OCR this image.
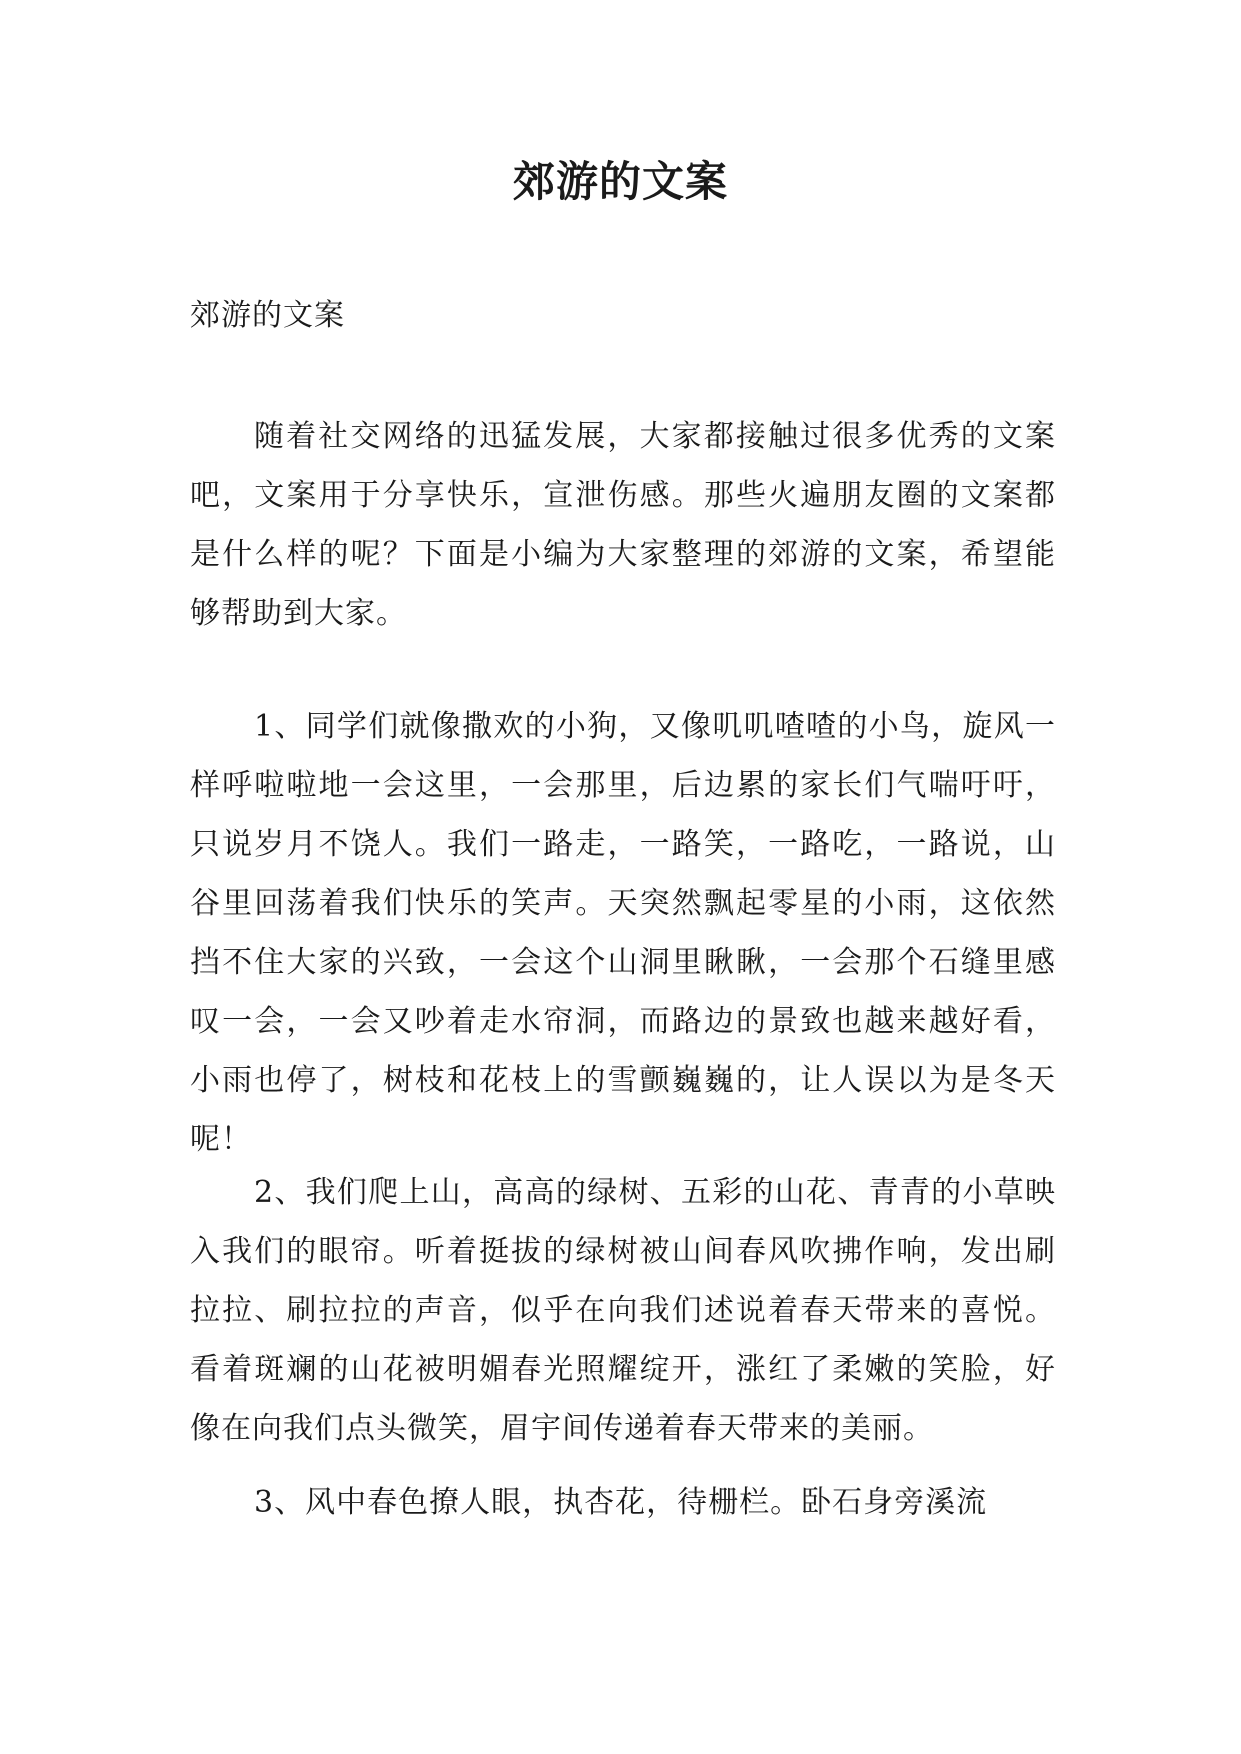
郊游的文案
郊游的文案

随着社交网络的迅猛发展，大家都接触过很多优秀的文案吧，文案用于分享快乐，宣泄伤感。那些火遍朋友圈的文案都是什么样的呢？下面是小编为大家整理的郊游的文案，希望能够帮助到大家。

1、同学们就像撒欢的小狗，又像叽叽喳喳的小鸟，旋风一样呼啦啦地一会这里，一会那里，后边累的家长们气喘吁吁，只说岁月不饶人。我们一路走，一路笑，一路吃，一路说，山谷里回荡着我们快乐的笑声。天突然飘起零星的小雨，这依然挡不住大家的兴致，一会这个山洞里瞅瞅，一会那个石缝里感叹一会，一会又吵着走水帘洞，而路边的景致也越来越好看，小雨也停了，树枝和花枝上的雪颤巍巍的，让人误以为是冬天呢！

2、我们爬上山，高高的绿树、五彩的山花、青青的小草映入我们的眼帘。听着挺拔的绿树被山间春风吹拂作响，发出刷拉拉、刷拉拉的声音，似乎在向我们述说着春天带来的喜悦。看着斑斓的山花被明媚春光照耀绽开，涨红了柔嫩的笑脸，好像在向我们点头微笑，眉宇间传递着春天带来的美丽。

3、风中春色撩人眼，执杏花，待栅栏。卧石身旁溪流
